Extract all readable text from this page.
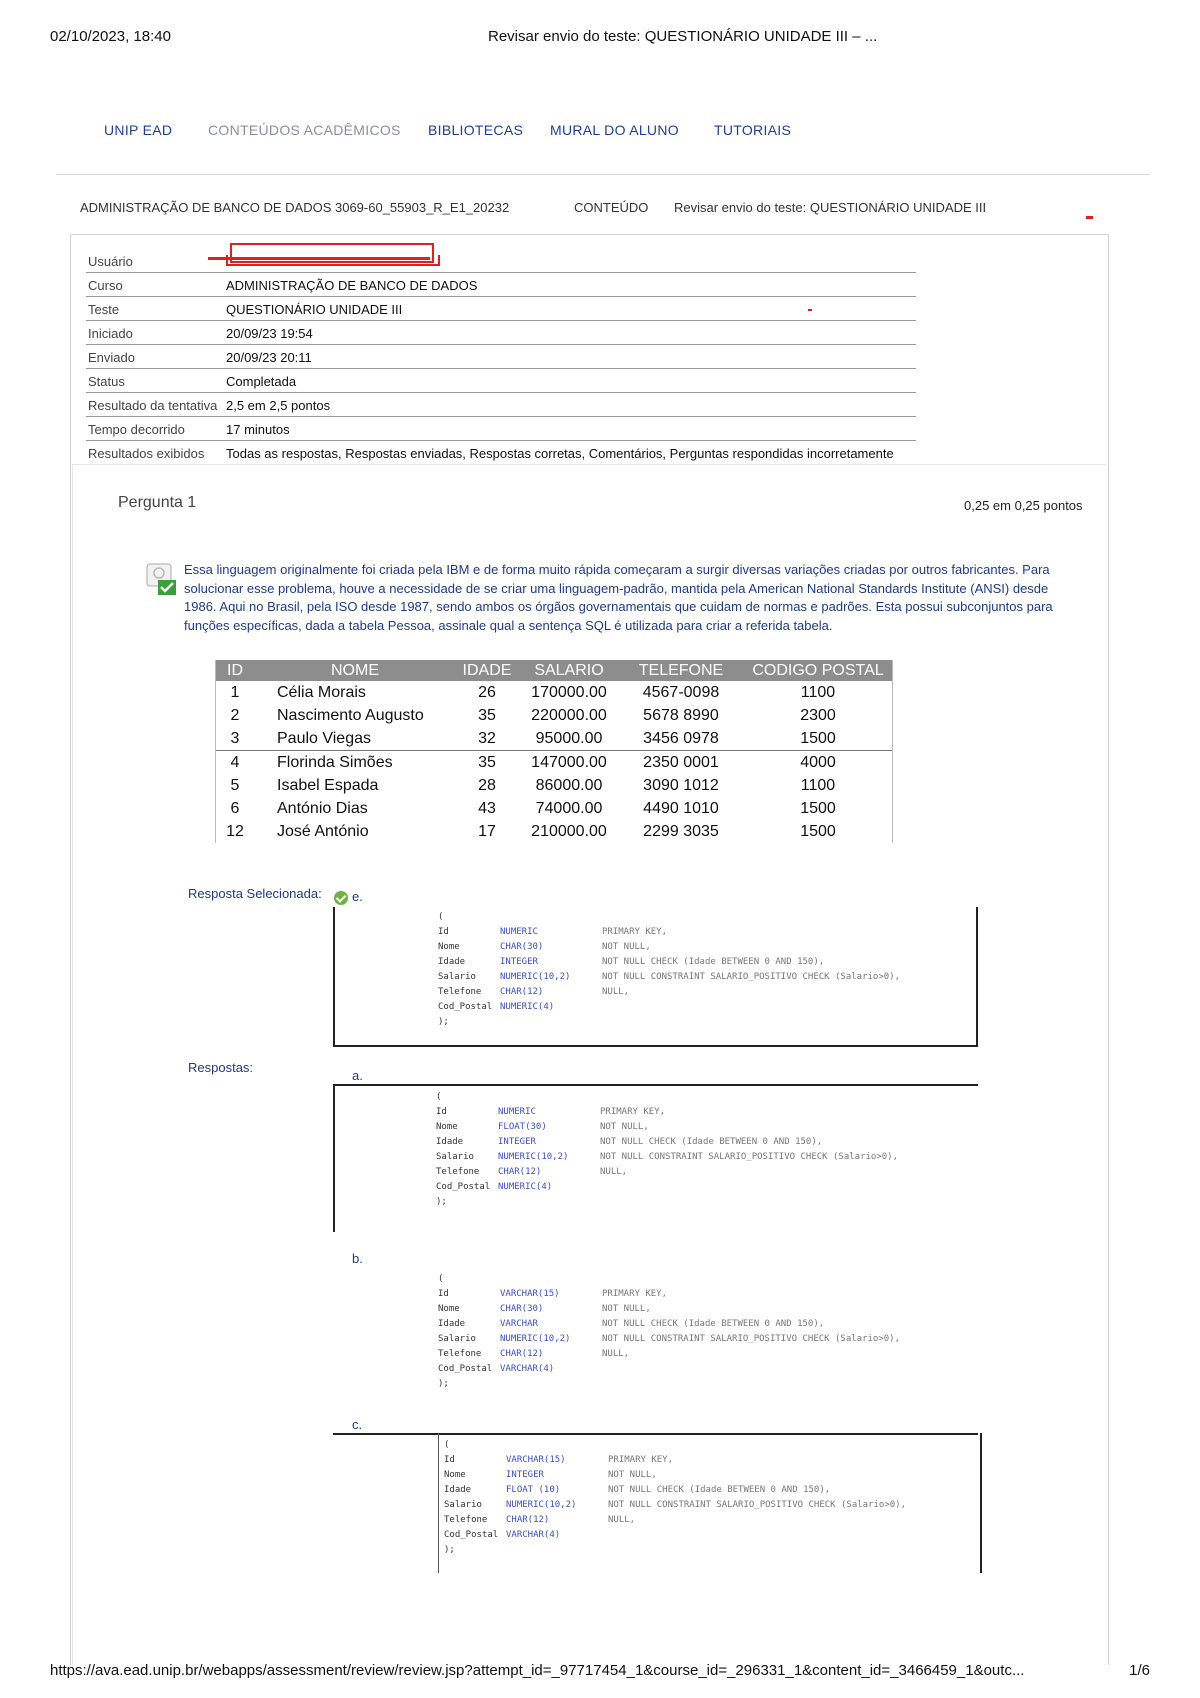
02/10/2023, 18:40	Revisar envio do teste: QUESTIONÁRIO UNIDADE III – ...
UNIP EAD	CONTEÚDOS ACADÊMICOS BIBLIOTECAS MURAL DO ALUNO	TUTORIAIS
ADMINISTRAÇÃO DE BANCO DE DADOS 3069-60_55903_R_E1_20232	CONTEÚDO Revisar envio do teste: QUESTIONÁRIO UNIDADE III
Usuário
Curso	ADMINISTRAÇÃO DE BANCO DE DADOS
Teste	QUESTIONÁRIO UNIDADE III
Iniciado	20/09/23 19:54
Enviado	20/09/23 20:11
Status	Completada
Resultado da tentativa 2,5 em 2,5 pontos
Tempo decorrido	17 minutos
Resultados exibidos Todas as respostas, Respostas enviadas, Respostas corretas, Comentários, Perguntas respondidas incorretamente
Pergunta 1	0,25 em 0,25 pontos
Essa linguagem originalmente foi criada pela IBM e de forma muito rápida começaram a surgir diversas variações criadas por outros fabricantes. Para solucionar esse problema, houve a necessidade de se criar uma linguagem-padrão, mantida pela American National Standards Institute (ANSI) desde 1986. Aqui no Brasil, pela ISO desde 1987, sendo ambos os órgãos governamentais que cuidam de normas e padrões. Esta possui subconjuntos para funções específicas, dada a tabela Pessoa, assinale qual a sentença SQL é utilizada para criar a referida tabela.
ID	NOME	IDADE	SALARIO	TELEFONE	CODIGO POSTAL
1	Célia Morais	26	170000.00	4567-0098	1100
2	Nascimento Augusto	35	220000.00	5678 8990	2300
3	Paulo Viegas	32	95000.00	3456 0978	1500
4	Florinda Simões	35	147000.00	2350 0001	4000
5	Isabel Espada	28	86000.00	3090 1012	1100
6	António Dias	43	74000.00	4490 1010	1500
12	José António	17	210000.00	2299 3035	1500
Resposta Selecionada: e.
(
Id	NUMERIC	PRIMARY KEY,
Nome	CHAR(30)	NOT NULL,
Idade	INTEGER	NOT NULL CHECK (Idade BETWEEN 0 AND 150),
Salario	NUMERIC(10,2)	NOT NULL CONSTRAINT SALARIO_POSITIVO CHECK (Salario>0),
Telefone CHAR(12)	NULL,
Cod_Postal NUMERIC(4)
);
Respostas:
a.
(
Id	NUMERIC	PRIMARY KEY,
Nome	FLOAT(30)	NOT NULL,
Idade	INTEGER	NOT NULL CHECK (Idade BETWEEN 0 AND 150),
Salario	NUMERIC(10,2)	NOT NULL CONSTRAINT SALARIO_POSITIVO CHECK (Salario>0),
Telefone CHAR(12)	NULL,
Cod_Postal NUMERIC(4)
);
b.
(
Id	VARCHAR(15)	PRIMARY KEY,
Nome	CHAR(30)	NOT NULL,
Idade	VARCHAR	NOT NULL CHECK (Idade BETWEEN 0 AND 150),
Salario	NUMERIC(10,2)	NOT NULL CONSTRAINT SALARIO_POSITIVO CHECK (Salario>0),
Telefone CHAR(12)	NULL,
Cod_Postal VARCHAR(4)
);
c.
(
Id	VARCHAR(15)	PRIMARY KEY,
Nome	INTEGER	NOT NULL,
Idade	FLOAT (10)	NOT NULL CHECK (Idade BETWEEN 0 AND 150),
Salario	NUMERIC(10,2)	NOT NULL CONSTRAINT SALARIO_POSITIVO CHECK (Salario>0),
Telefone CHAR(12)	NULL,
Cod_Postal VARCHAR(4)
);
https://ava.ead.unip.br/webapps/assessment/review/review.jsp?attempt_id=_97717454_1&course_id=_296331_1&content_id=_3466459_1&outc...	1/6
